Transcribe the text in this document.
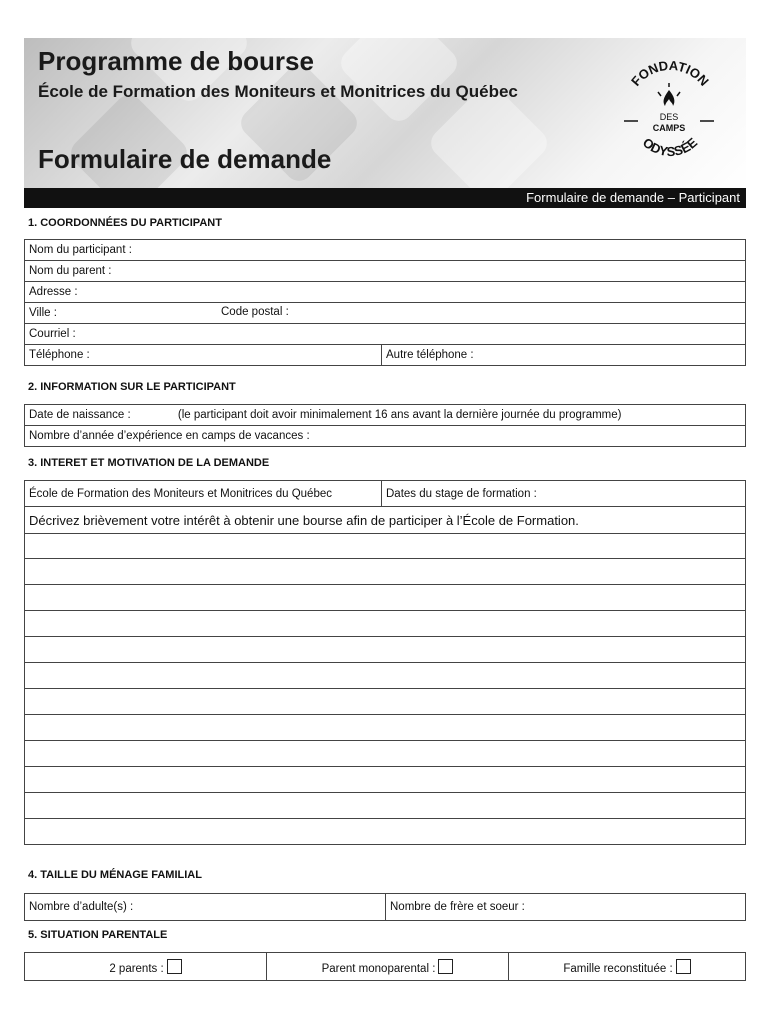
Programme de bourse
École de Formation des Moniteurs et Monitrices du Québec
Formulaire de demande
FONDATION
ODYSSÉE
DES
CAMPS
Formulaire de demande – Participant
1. COORDONNÉES DU PARTICIPANT
Nom du participant :
Nom du parent :
Adresse :
Ville :	Code postal :

Courriel :
Téléphone :	Autre téléphone :
2. INFORMATION SUR LE PARTICIPANT
Date de naissance :	(le participant doit avoir minimalement 16 ans avant la dernière journée du programme)
Nombre d’année d’expérience en camps de vacances :
3. INTERET ET MOTIVATION DE LA DEMANDE
École de Formation des Moniteurs et Monitrices du Québec	Dates du stage de formation :
Décrivez brièvement votre intérêt à obtenir une bourse afin de participer à l’École de Formation.
4. TAILLE DU MÉNAGE FAMILIAL
Nombre d’adulte(s) :	Nombre de frère et soeur :
5. SITUATION PARENTALE
2 parents :	Parent monoparental :	Famille reconstituée :
